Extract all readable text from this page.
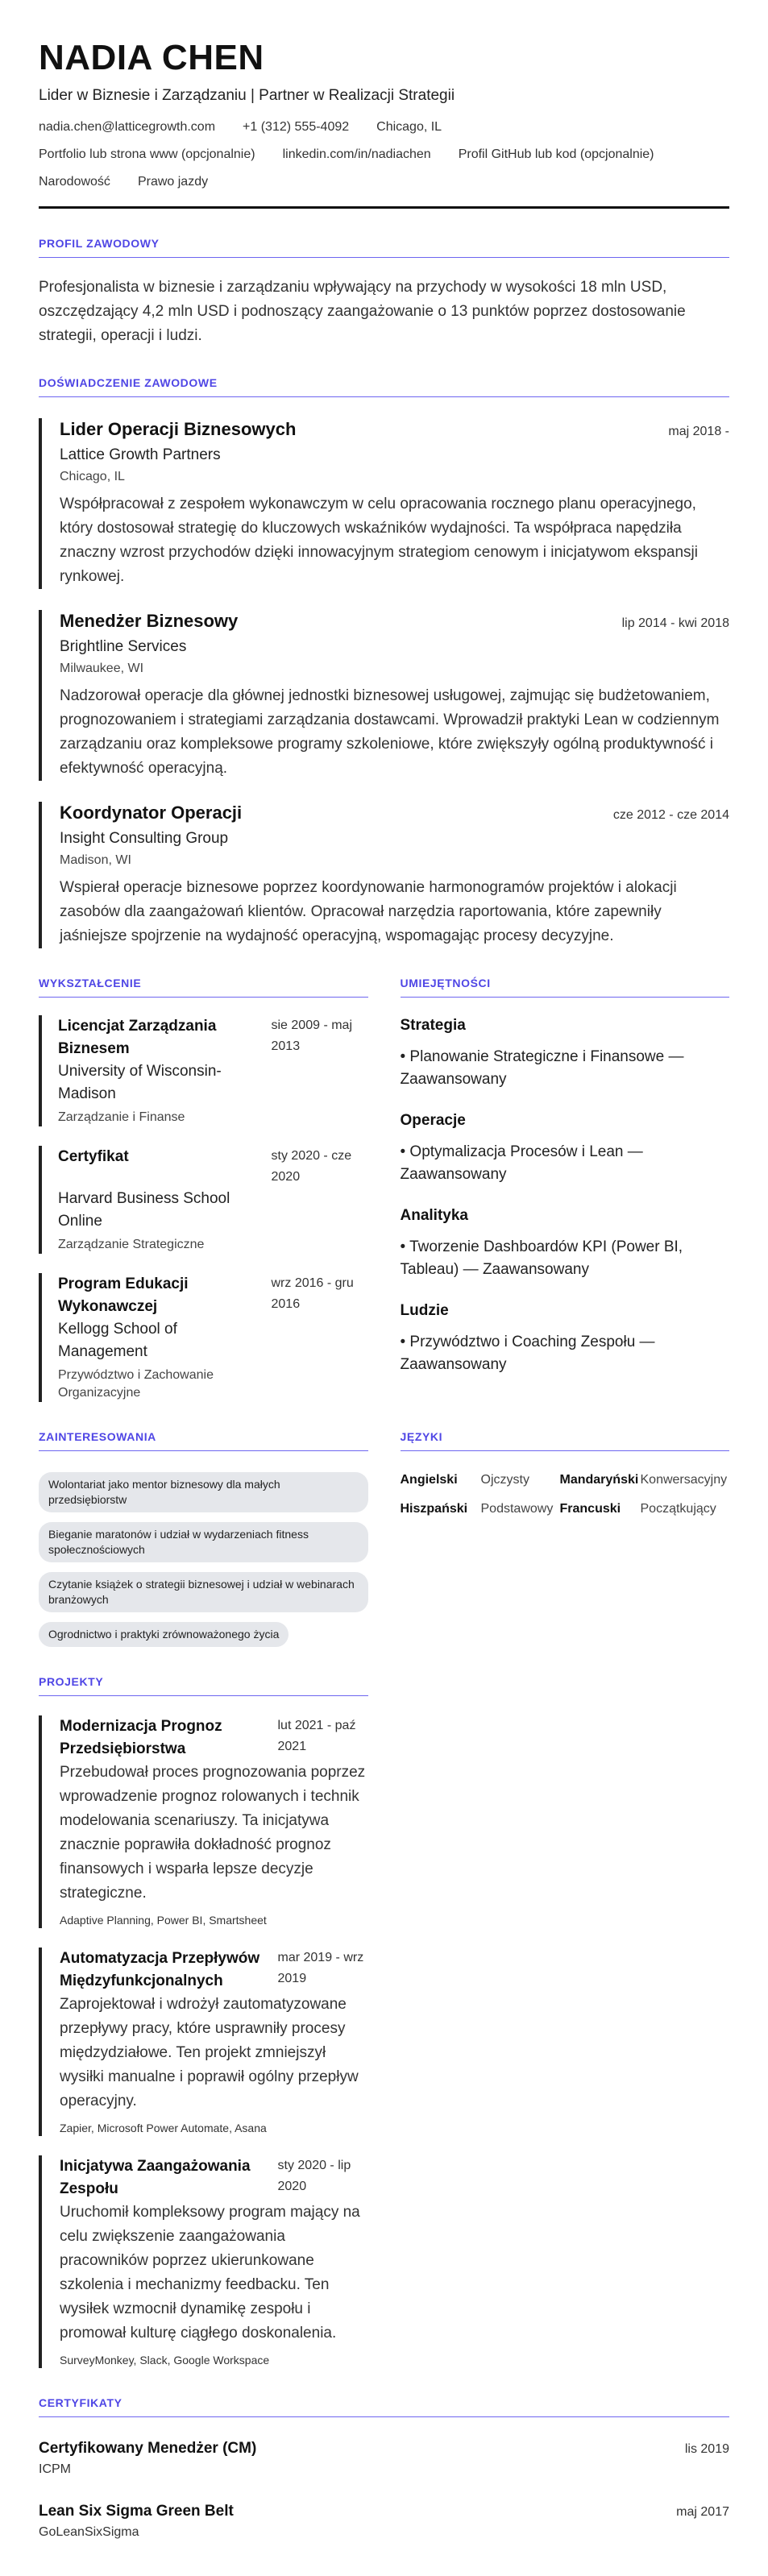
NADIA CHEN
Lider w Biznesie i Zarządzaniu | Partner w Realizacji Strategii
nadia.chen@latticegrowth.com +1 (312) 555-4092 Chicago, IL
Portfolio lub strona www (opcjonalnie) linkedin.com/in/nadiachen Profil GitHub lub kod (opcjonalnie)
Narodowość Prawo jazdy
PROFIL ZAWODOWY
Profesjonalista w biznesie i zarządzaniu wpływający na przychody w wysokości 18 mln USD, oszczędzający 4,2 mln USD i podnoszący zaangażowanie o 13 punktów poprzez dostosowanie strategii, operacji i ludzi.
DOŚWIADCZENIE ZAWODOWE
Lider Operacji Biznesowych	maj 2018 -
Lattice Growth Partners
Chicago, IL
Współpracował z zespołem wykonawczym w celu opracowania rocznego planu operacyjnego, który dostosował strategię do kluczowych wskaźników wydajności. Ta współpraca napędziła znaczny wzrost przychodów dzięki innowacyjnym strategiom cenowym i inicjatywom ekspansji rynkowej.
Menedżer Biznesowy	lip 2014 - kwi 2018
Brightline Services
Milwaukee, WI
Nadzorował operacje dla głównej jednostki biznesowej usługowej, zajmując się budżetowaniem, prognozowaniem i strategiami zarządzania dostawcami. Wprowadził praktyki Lean w codziennym zarządzaniu oraz kompleksowe programy szkoleniowe, które zwiększyły ogólną produktywność i efektywność operacyjną.
Koordynator Operacji	cze 2012 - cze 2014
Insight Consulting Group
Madison, WI
Wspierał operacje biznesowe poprzez koordynowanie harmonogramów projektów i alokacji zasobów dla zaangażowań klientów. Opracował narzędzia raportowania, które zapewniły jaśniejsze spojrzenie na wydajność operacyjną, wspomagając procesy decyzyjne.
WYKSZTAŁCENIE
Licencjat Zarządzania Biznesem
sie 2009 - maj 2013
University of Wisconsin-Madison
Zarządzanie i Finanse
Certyfikat	sty 2020 - cze 2020
Harvard Business School Online
Zarządzanie Strategiczne
Program Edukacji Wykonawczej
wrz 2016 - gru 2016
Kellogg School of Management
Przywództwo i Zachowanie Organizacyjne
UMIEJĘTNOŚCI
Strategia
• Planowanie Strategiczne i Finansowe — Zaawansowany
Operacje
• Optymalizacja Procesów i Lean — Zaawansowany
Analityka
• Tworzenie Dashboardów KPI (Power BI, Tableau) — Zaawansowany
Ludzie
• Przywództwo i Coaching Zespołu — Zaawansowany
ZAINTERESOWANIA
Wolontariat jako mentor biznesowy dla małych przedsiębiorstw
Bieganie maratonów i udział w wydarzeniach fitness społecznościowych
Czytanie książek o strategii biznesowej i udział w webinarach branżowych
Ogrodnictwo i praktyki zrównoważonego życia
JĘZYKI
Angielski	Ojczysty	Mandaryński Konwersacyjny
Hiszpański	Podstawowy Francuski	Początkujący
PROJEKTY
Modernizacja Prognoz Przedsiębiorstwa
lut 2021 - paź 2021
Przebudował proces prognozowania poprzez wprowadzenie prognoz rolowanych i technik modelowania scenariuszy. Ta inicjatywa znacznie poprawiła dokładność prognoz finansowych i wsparła lepsze decyzje strategiczne.
Adaptive Planning, Power BI, Smartsheet
Automatyzacja Przepływów Międzyfunkcjonalnych
mar 2019 - wrz 2019
Zaprojektował i wdrożył zautomatyzowane przepływy pracy, które usprawniły procesy międzydziałowe. Ten projekt zmniejszył wysiłki manualne i poprawił ogólny przepływ operacyjny.
Zapier, Microsoft Power Automate, Asana
Inicjatywa Zaangażowania Zespołu
sty 2020 - lip 2020
Uruchomił kompleksowy program mający na celu zwiększenie zaangażowania pracowników poprzez ukierunkowane szkolenia i mechanizmy feedbacku. Ten wysiłek wzmocnił dynamikę zespołu i promował kulturę ciągłego doskonalenia.
SurveyMonkey, Slack, Google Workspace
CERTYFIKATY
Certyfikowany Menedżer (CM)	lis 2019
ICPM
Lean Six Sigma Green Belt	maj 2017
GoLeanSixSigma
